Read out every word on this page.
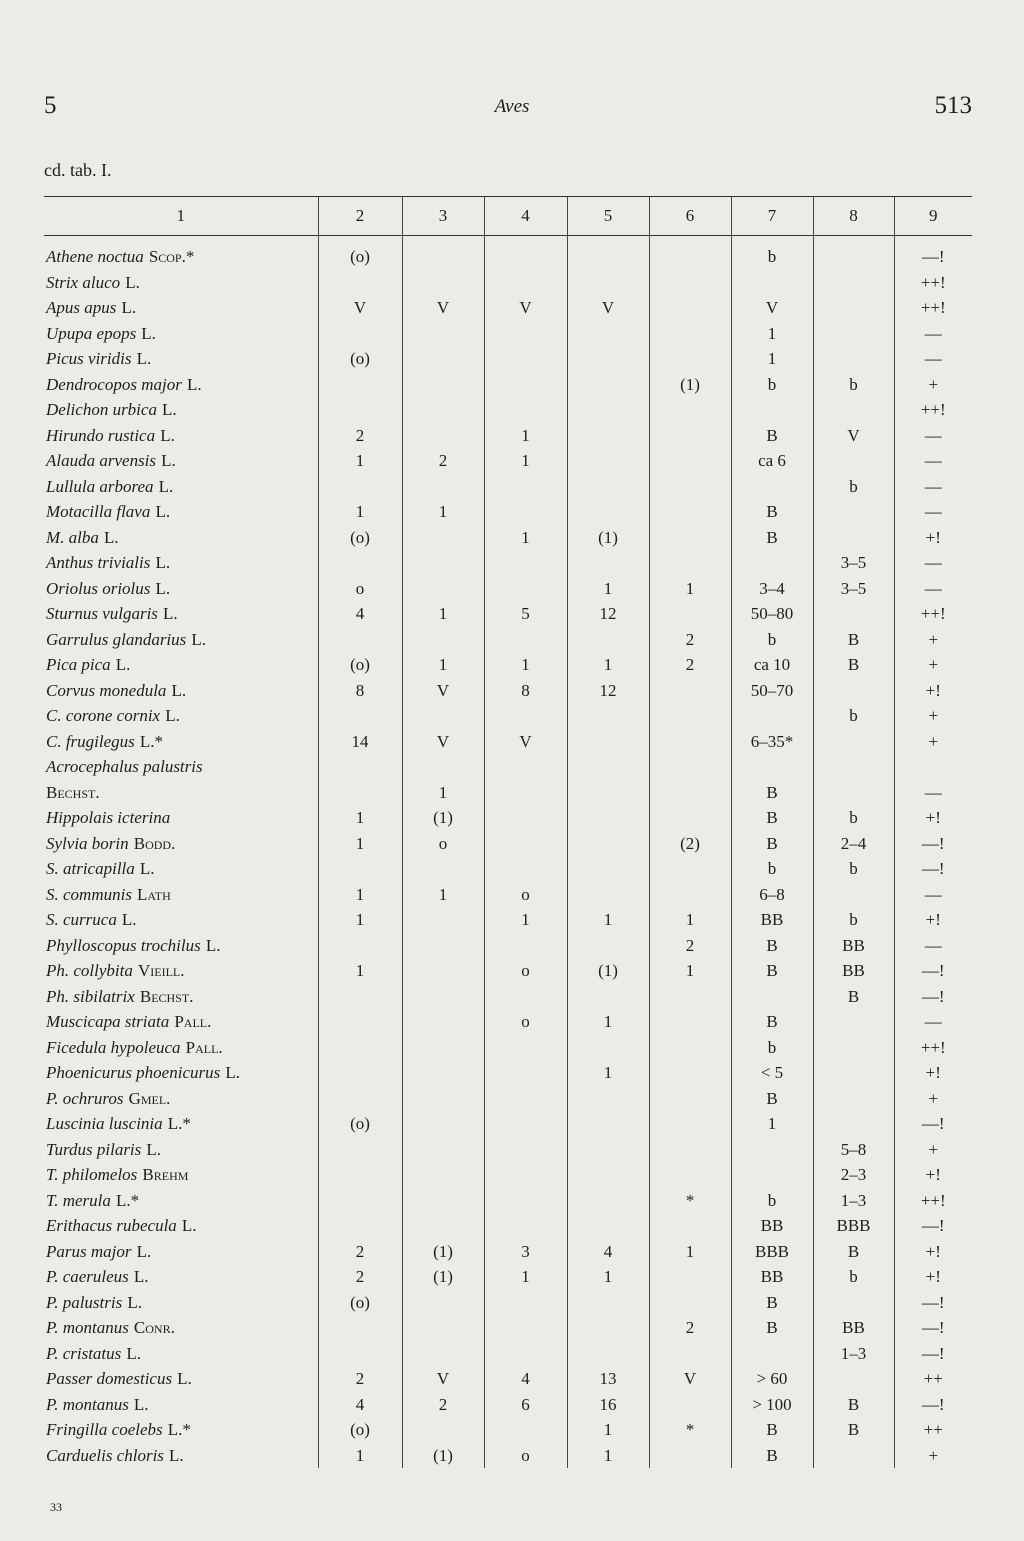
5	Aves	513
cd. tab. I.
1	2	3	4	5	6	7	8	9
Athene noctua Scop.*	(o)					b		—!
Strix aluco L.								++!
Apus apus L.	V	V	V	V		V		++!
Upupa epops L.						1		—
Picus viridis L.	(o)					1		—
Dendrocopos major L.					(1)	b	b	+
Delichon urbica L.								++!
Hirundo rustica L.	2		1			B	V	—
Alauda arvensis L.	1	2	1			ca 6		—
Lullula arborea L.							b	—
Motacilla flava L.	1	1				B		—
M. alba L.	(o)		1	(1)		B		+!
Anthus trivialis L.							3–5	—
Oriolus oriolus L.	o			1	1	3–4	3–5	—
Sturnus vulgaris L.	4	1	5	12		50–80		++!
Garrulus glandarius L.					2	b	B	+
Pica pica L.	(o)	1	1	1	2	ca 10	B	+
Corvus monedula L.	8	V	8	12		50–70		+!
C. corone cornix L.							b	+
C. frugilegus L.*	14	V	V			6–35*		+
Acrocephalus palustris								
Bechst.		1				B		—
Hippolais icterina	1	(1)				B	b	+!
Sylvia borin Bodd.	1	o			(2)	B	2–4	—!
S. atricapilla L.						b	b	—!
S. communis Lath	1	1	o			6–8		—
S. curruca L.	1		1	1	1	BB	b	+!
Phylloscopus trochilus L.					2	B	BB	—
Ph. collybita Vieill.	1		o	(1)	1	B	BB	—!
Ph. sibilatrix Bechst.							B	—!
Muscicapa striata Pall.			o	1		B		—
Ficedula hypoleuca Pall.						b		++!
Phoenicurus phoenicurus L.				1		< 5		+!
P. ochruros Gmel.						B		+
Luscinia luscinia L.*	(o)					1		—!
Turdus pilaris L.							5–8	+
T. philomelos Brehm							2–3	+!
T. merula L.*					*	b	1–3	++!
Erithacus rubecula L.						BB	BBB	—!
Parus major L.	2	(1)	3	4	1	BBB	B	+!
P. caeruleus L.	2	(1)	1	1		BB	b	+!
P. palustris L.	(o)					B		—!
P. montanus Conr.					2	B	BB	—!
P. cristatus L.							1–3	—!
Passer domesticus L.	2	V	4	13	V	> 60		++
P. montanus L.	4	2	6	16		> 100	B	—!
Fringilla coelebs L.*	(o)			1	*	B	B	++
Carduelis chloris L.	1	(1)	o	1		B		+
33
